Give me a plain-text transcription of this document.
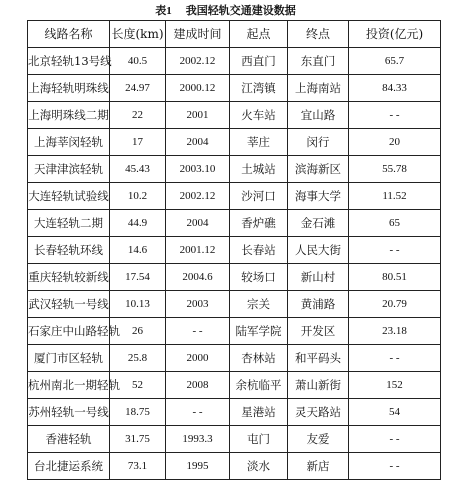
表1 我国轻轨交通建设数据
线路名称	长度(km)	建成时间	起点	终点	投资(亿元)
北京轻轨13号线	40.5	2002.12	西直门	东直门	65.7
上海轻轨明珠线	24.97	2000.12	江湾镇	上海南站	84.33
上海明珠线二期	22	2001	火车站	宜山路	- -
上海莘闵轻轨	17	2004	莘庄	闵行	20
天津津滨轻轨	45.43	2003.10	土城站	滨海新区	55.78
大连轻轨试验线	10.2	2002.12	沙河口	海事大学	11.52
大连轻轨二期	44.9	2004	香炉礁	金石滩	65
长春轻轨环线	14.6	2001.12	长春站	人民大街	- -
重庆轻轨较新线	17.54	2004.6	较场口	新山村	80.51
武汉轻轨一号线	10.13	2003	宗关	黄浦路	20.79
石家庄中山路轻轨	26	- -	陆军学院	开发区	23.18
厦门市区轻轨	25.8	2000	杏林站	和平码头	- -
杭州南北一期轻轨	52	2008	余杭临平	萧山新街	152
苏州轻轨一号线	18.75	- -	星港站	灵天路站	54
香港轻轨	31.75	1993.3	屯门	友爱	- -
台北捷运系统	73.1	1995	淡水	新店	- -
